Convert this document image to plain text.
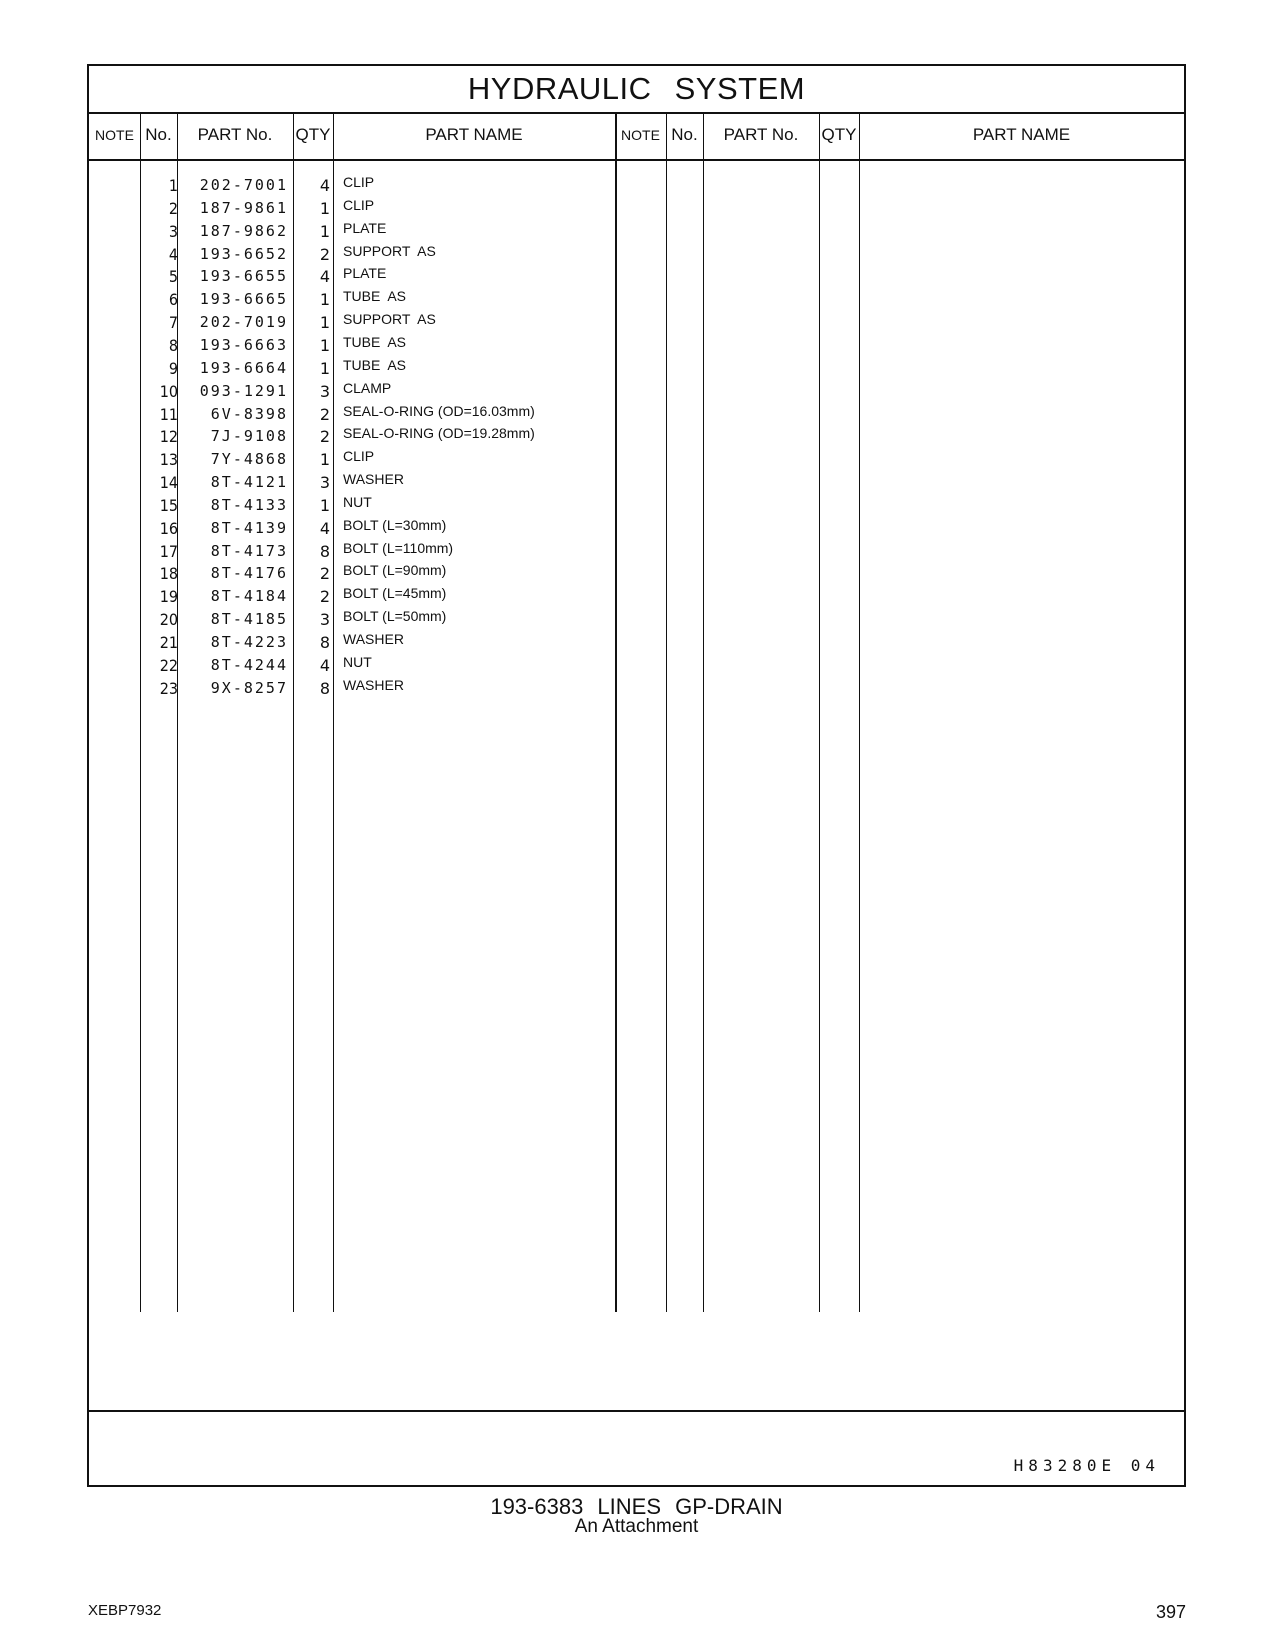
HYDRAULIC SYSTEM
NOTE No.	PART No.	QTY	PART NAME	NOTE No.	PART No.	QTY	PART NAME
1	202-7001	4 CLIP
2	187-9861	1 CLIP
3	187-9862	1 PLATE
4	193-6652	2 SUPPORT  AS
5	193-6655	4 PLATE
6	193-6665	1 TUBE  AS
7	202-7019	1 SUPPORT  AS
8	193-6663	1 TUBE  AS
9	193-6664	1 TUBE  AS
10	093-1291	3 CLAMP
11	6V-8398	2 SEAL-O-RING (OD=16.03mm)
12	7J-9108	2 SEAL-O-RING (OD=19.28mm)
13	7Y-4868	1 CLIP
14	8T-4121	3 WASHER
15	8T-4133	1 NUT
16	8T-4139	4 BOLT (L=30mm)
17	8T-4173	8 BOLT (L=110mm)
18	8T-4176	2 BOLT (L=90mm)
19	8T-4184	2 BOLT (L=45mm)
20	8T-4185	3 BOLT (L=50mm)
21	8T-4223	8 WASHER
22	8T-4244	4 NUT
23	9X-8257	8 WASHER
H83280E 04
193-6383 LINES GP-DRAIN
An Attachment
XEBP7932	397
